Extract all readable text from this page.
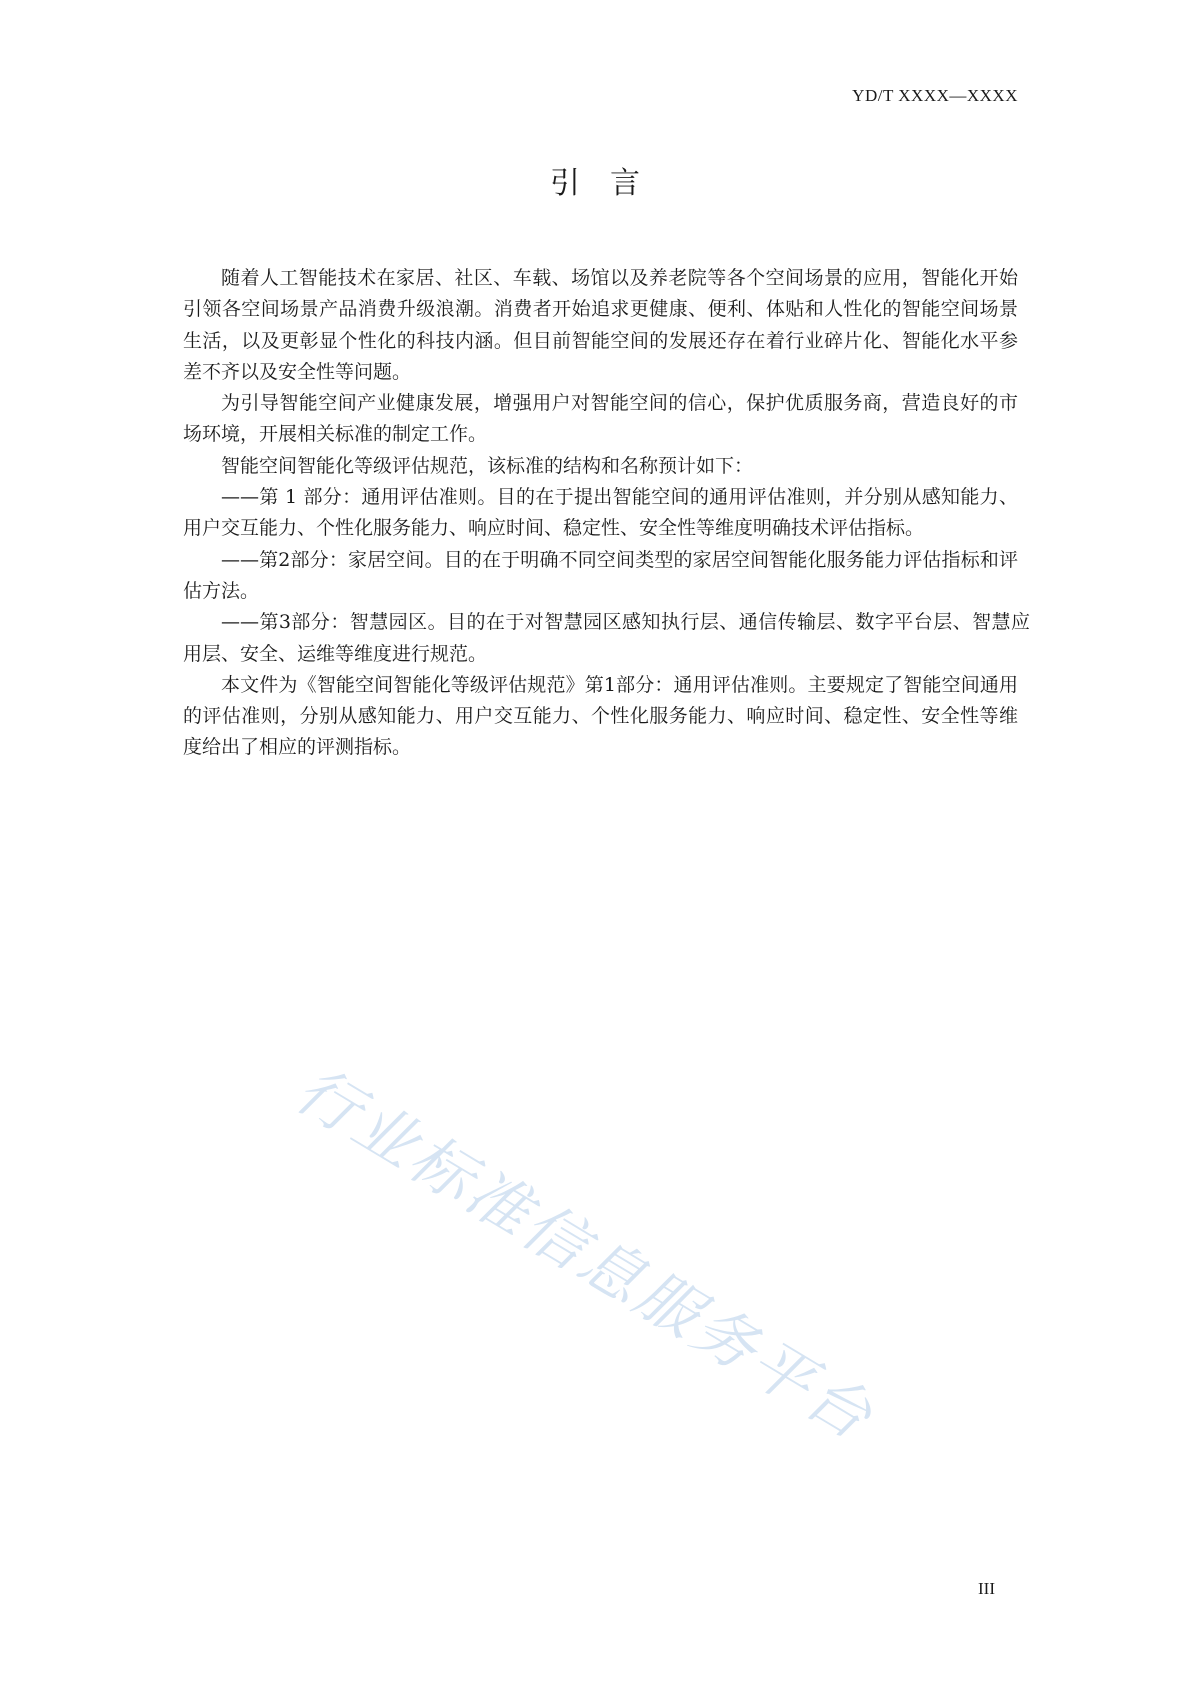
YD/T XXXX—XXXX
引言

随着人工智能技术在家居、社区、车载、场馆以及养老院等各个空间场景的应用，智能化开始引领各空间场景产品消费升级浪潮。消费者开始追求更健康、便利、体贴和人性化的智能空间场景生活，以及更彰显个性化的科技内涵。但目前智能空间的发展还存在着行业碎片化、智能化水平参差不齐以及安全性等问题。

为引导智能空间产业健康发展，增强用户对智能空间的信心，保护优质服务商，营造良好的市场环境，开展相关标准的制定工作。

智能空间智能化等级评估规范，该标准的结构和名称预计如下：

——第 1 部分：通用评估准则。目的在于提出智能空间的通用评估准则，并分别从感知能力、用户交互能力、个性化服务能力、响应时间、稳定性、安全性等维度明确技术评估指标。

——第2部分：家居空间。目的在于明确不同空间类型的家居空间智能化服务能力评估指标和评估方法。

——第3部分：智慧园区。目的在于对智慧园区感知执行层、通信传输层、数字平台层、智慧应用层、安全、运维等维度进行规范。

本文件为《智能空间智能化等级评估规范》第1部分：通用评估准则。主要规定了智能空间通用的评估准则，分别从感知能力、用户交互能力、个性化服务能力、响应时间、稳定性、安全性等维度给出了相应的评测指标。

行业标准信息服务平台
III
